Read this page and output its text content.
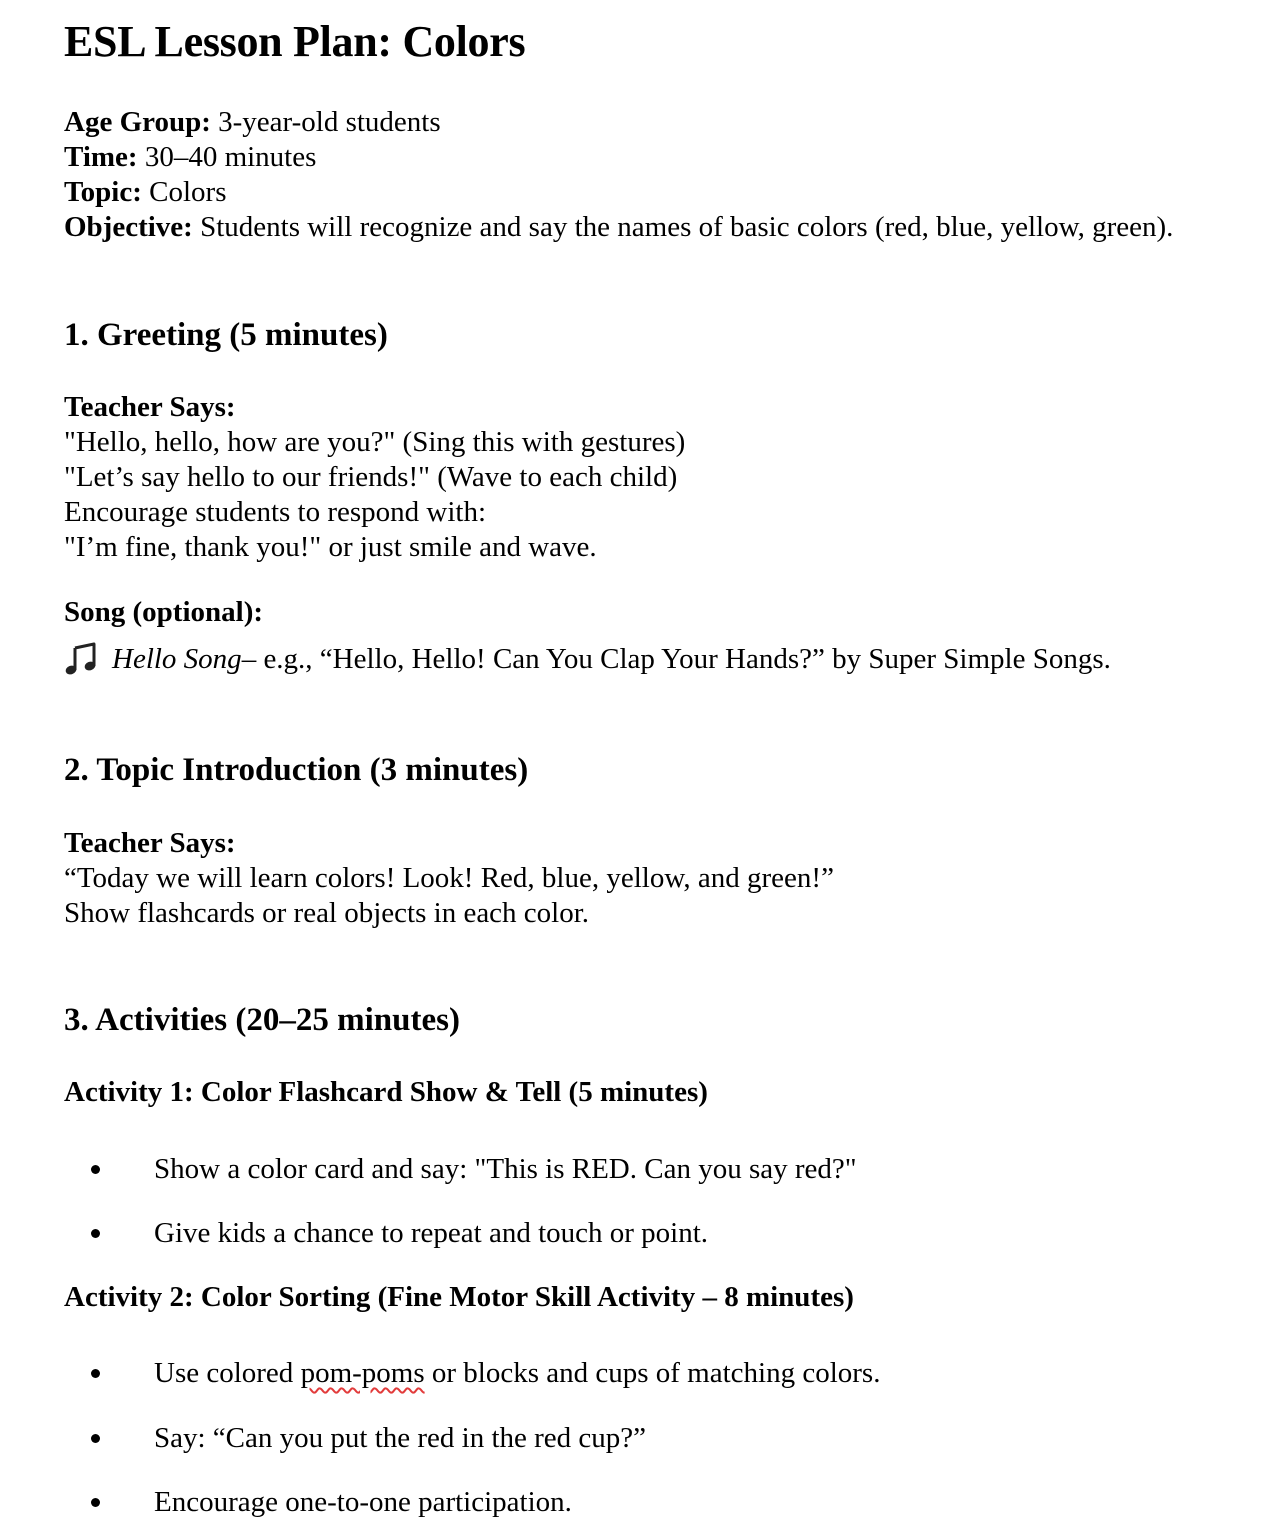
ESL Lesson Plan: Colors
Age Group: 3-year-old students
Time: 30–40 minutes
Topic: Colors
Objective: Students will recognize and say the names of basic colors (red, blue, yellow, green).
1. Greeting (5 minutes)
Teacher Says:
"Hello, hello, how are you?" (Sing this with gestures)
"Let’s say hello to our friends!" (Wave to each child)
Encourage students to respond with:
"I’m fine, thank you!" or just smile and wave.
Song (optional):
Hello Song – e.g., “Hello, Hello! Can You Clap Your Hands?” by Super Simple Songs.
2. Topic Introduction (3 minutes)
Teacher Says:
“Today we will learn colors! Look! Red, blue, yellow, and green!”
Show flashcards or real objects in each color.
3. Activities (20–25 minutes)
Activity 1: Color Flashcard Show & Tell (5 minutes)
Show a color card and say: "This is RED. Can you say red?"
Give kids a chance to repeat and touch or point.
Activity 2: Color Sorting (Fine Motor Skill Activity – 8 minutes)
Use colored pom-poms or blocks and cups of matching colors.
Say: “Can you put the red in the red cup?”
Encourage one-to-one participation.
